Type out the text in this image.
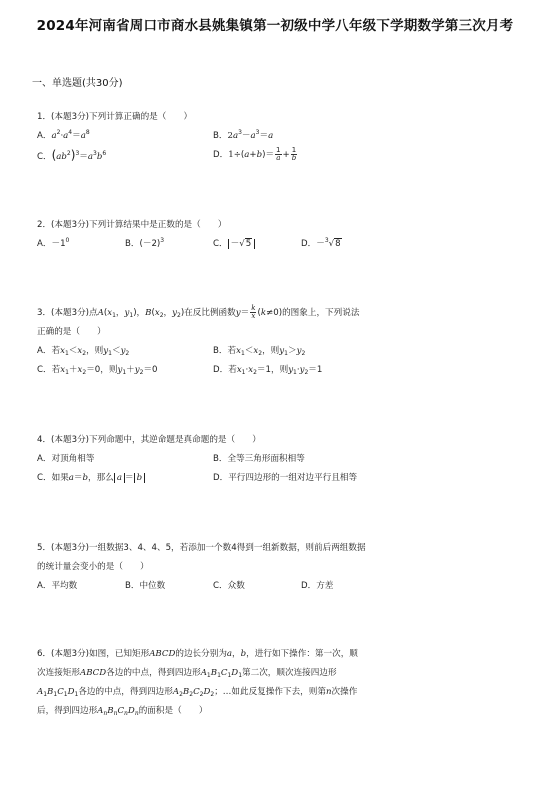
2024年河南省周口市商水县姚集镇第一初级中学八年级下学期数学第三次月考
一、单选题(共30分)
1．(本题3分)下列计算正确的是（　　）
A．$a^2\cdot a^4=a^8$	B．$2a^3-a^3=a$
C．$(ab^2)^3=a^3b^6$	D．$1\div(a+b)= \frac{1}{a} + \frac{1}{b}$
2．(本题3分)下列计算结果中是正数的是（　　）
A．$-1^0$	B．$(-2)^3$	C． －√5	D．－$^3$√8
3．(本题3分)点$A(x_1$，$y_1$)，$B(x_2$，$y_2$)在反比例函数$y= \frac{k}{x} (k\ne 0)$的图象上，下列说法
正确的是（　　）
A．若$x_1<x_2$，则$y_1<y_2$	B．若$x_1<x_2$，则$y_1>y_2$
C．若$x_1+x_2=0$，则$y_1+y_2=0$	D．若$x_1\cdot x_2=1$，则$y_1\cdot y_2=1$
4．(本题3分)下列命题中，其逆命题是真命题的是（　　）
A．对顶角相等	B．全等三角形面积相等
C．如果a＝b，那么 a ＝ b	D．平行四边形的一组对边平行且相等
5．(本题3分)一组数据3、4、4、5，若添加一个数4得到一组新数据，则前后两组数据
的统计量会变小的是（　　）
A．平均数	B．中位数	C．众数	D．方差
6．(本题3分)如图，已知矩形ABCD的边长分别为a，b，进行如下操作：第一次，顺
次连接矩形ABCD各边的中点，得到四边形$A_1B_1C_1D_1$第二次，顺次连接四边形
$A_1B_1C_1D_1$各边的中点，得到四边形$A_2B_2C_2D_2$；…如此反复操作下去，则第n次操作
后，得到四边形$A_nB_nC_nD_n$的面积是（　　）
